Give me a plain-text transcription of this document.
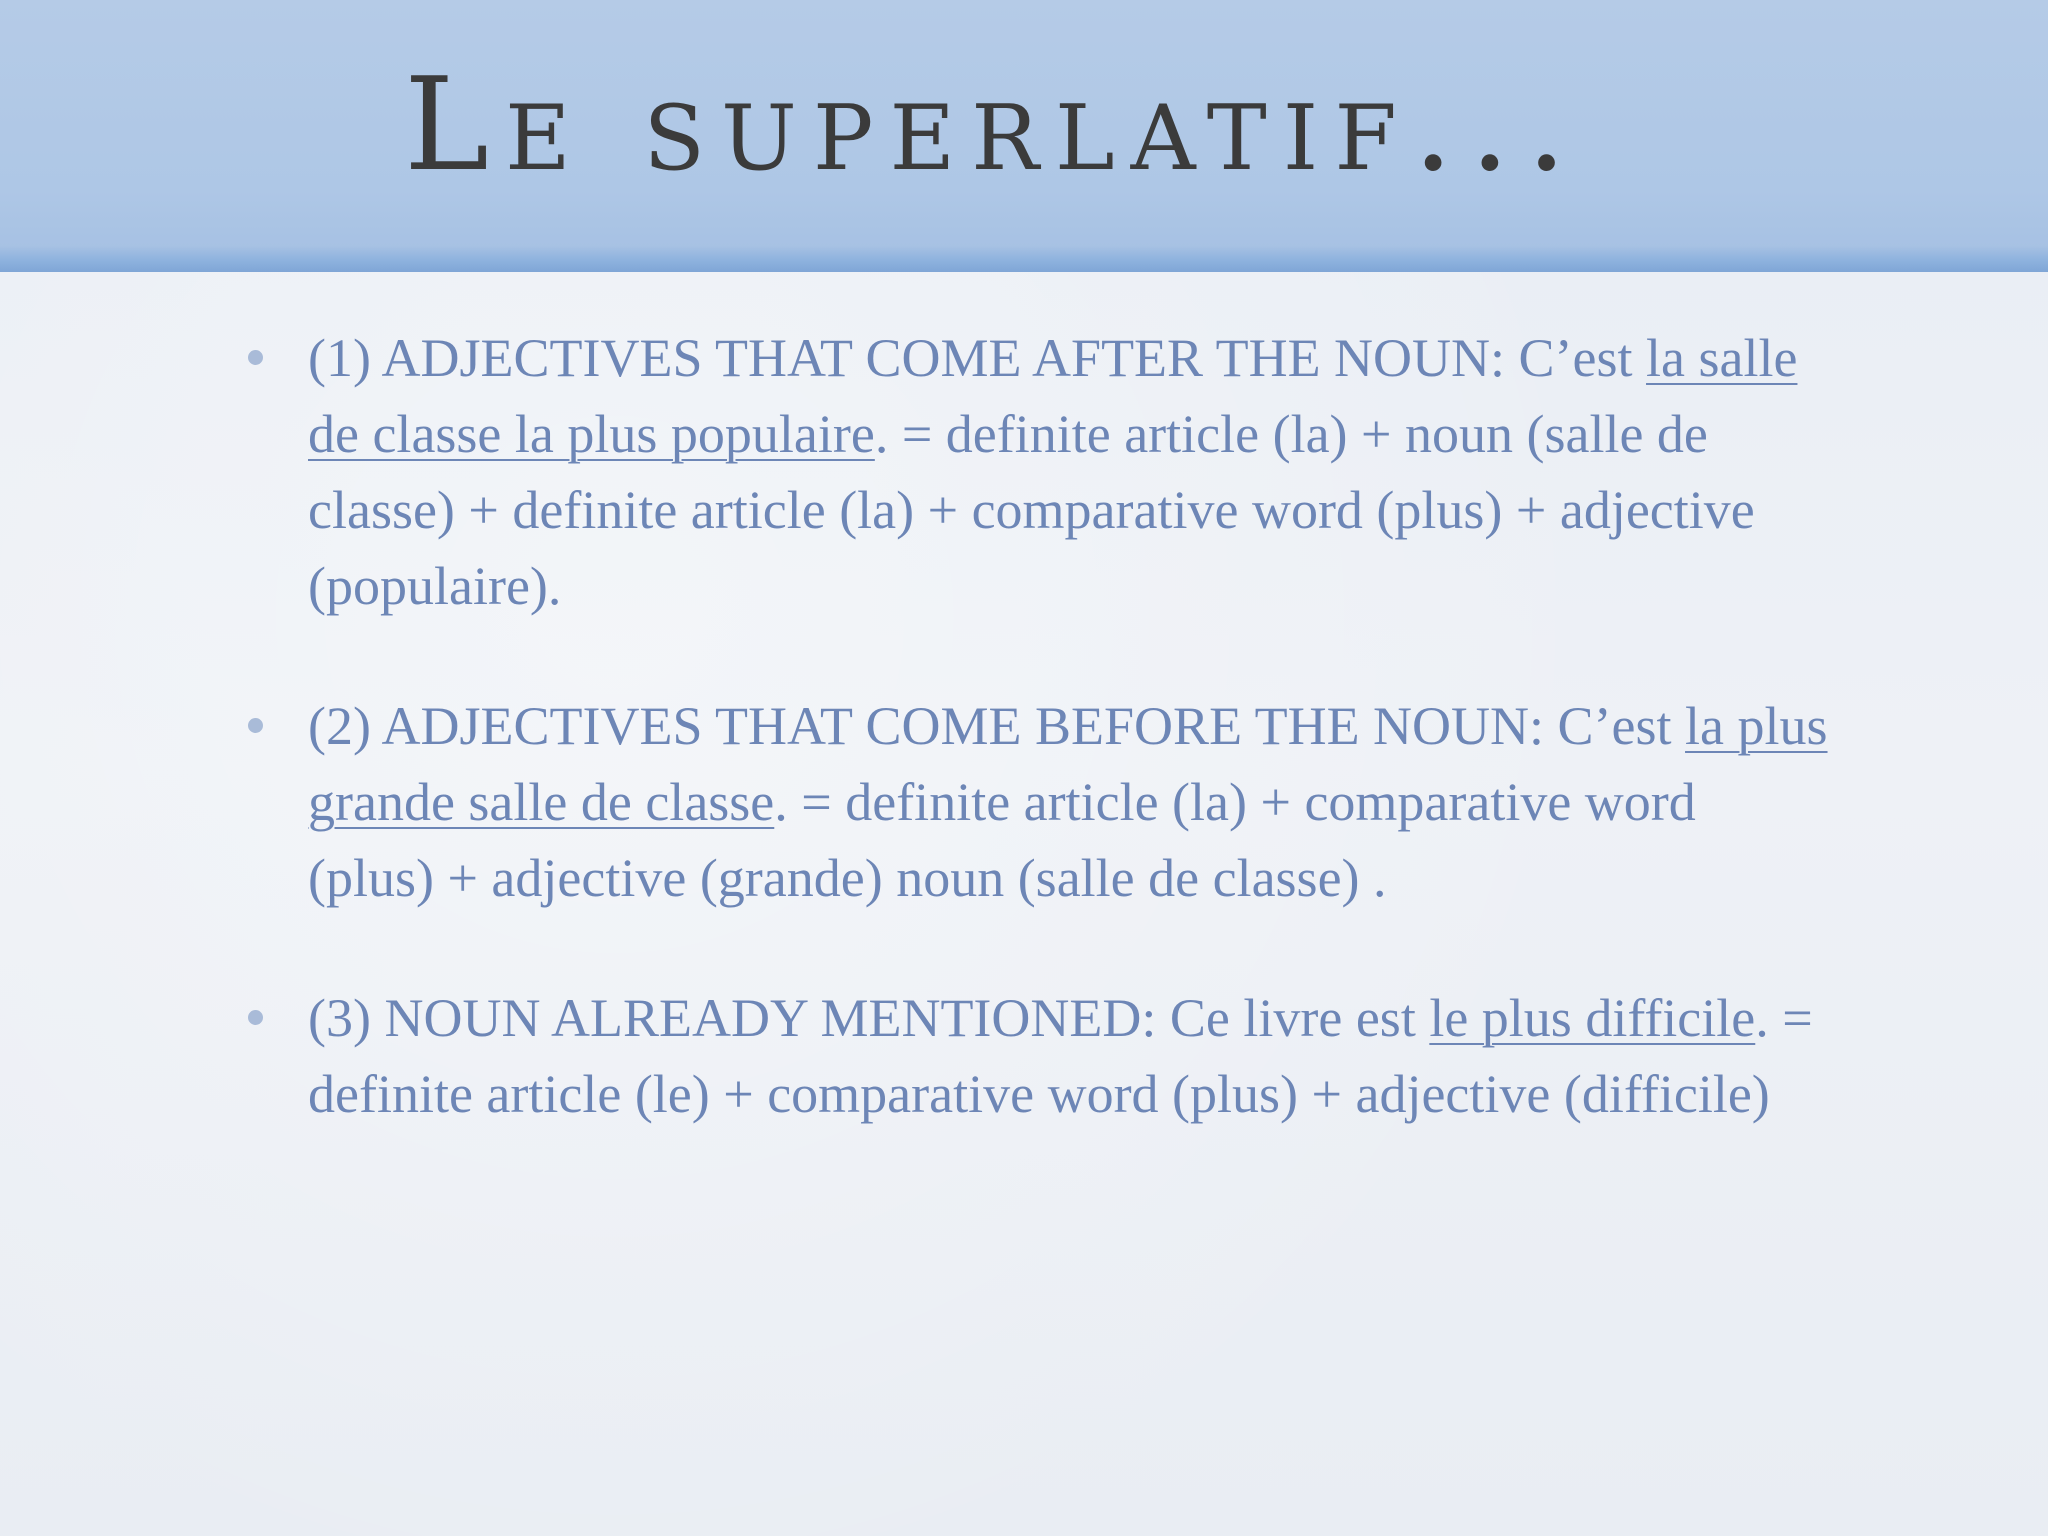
Le superlatif...
(1) ADJECTIVES THAT COME AFTER THE NOUN: C’est la salle de classe la plus populaire. = definite article (la) + noun (salle de classe) + definite article (la) + comparative word (plus) + adjective (populaire).
(2) ADJECTIVES THAT COME BEFORE THE NOUN: C’est la plus grande salle de classe. = definite article (la) + comparative word (plus) + adjective (grande) noun (salle de classe) .
(3) NOUN ALREADY MENTIONED: Ce livre est le plus difficile. = definite article (le) + comparative word (plus) + adjective (difficile)
